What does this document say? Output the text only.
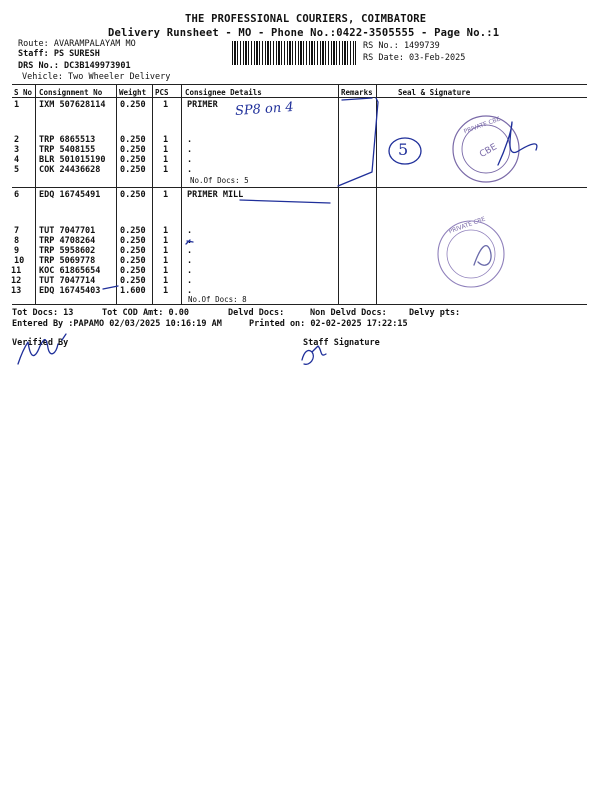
THE PROFESSIONAL COURIERS, COIMBATORE
Delivery Runsheet - MO - Phone No.:0422-3505555 - Page No.:1
Route: AVARAMPALAYAM MO
Staff: PS SURESH
DRS No.: DC3B149973901
Vehicle: Two Wheeler Delivery
RS No.: 1499739
RS Date: 03-Feb-2025
S No Consignment No Weight PCS Consignee Details	Remarks	Seal & Signature
1 IXM 507628114 0.250 1 PRIMER
2 TRP 6865513	0.250 1 .
3 TRP 5408155	0.250 1 .
4 BLR 501015190 0.250 1 .
5 COK 24436628 0.250 1 .
No.Of Docs: 5
6 EDQ 16745491 0.250 1 PRIMER MILL
7 TUT 7047701	0.250 1 .
8 TRP 4708264	0.250 1 .
9 TRP 5958602	0.250 1 .
10 TRP 5069778	0.250 1 .
11 KOC 61865654 0.250 1 .
12 TUT 7047714	0.250 1 .
13 EDQ 16745403 1.600 1 .
No.Of Docs: 8
Tot Docs: 13	Tot COD Amt: 0.00	Delvd Docs:	Non Delvd Docs:	Delvy pts:
Entered By :PAPAMO 02/03/2025 10:16:19 AM	Printed on: 02-02-2025 17:22:15
Verified By	Staff Signature
SP8 on 4
5
PRIVATE CBE
PRIVATE CBE
CBE
